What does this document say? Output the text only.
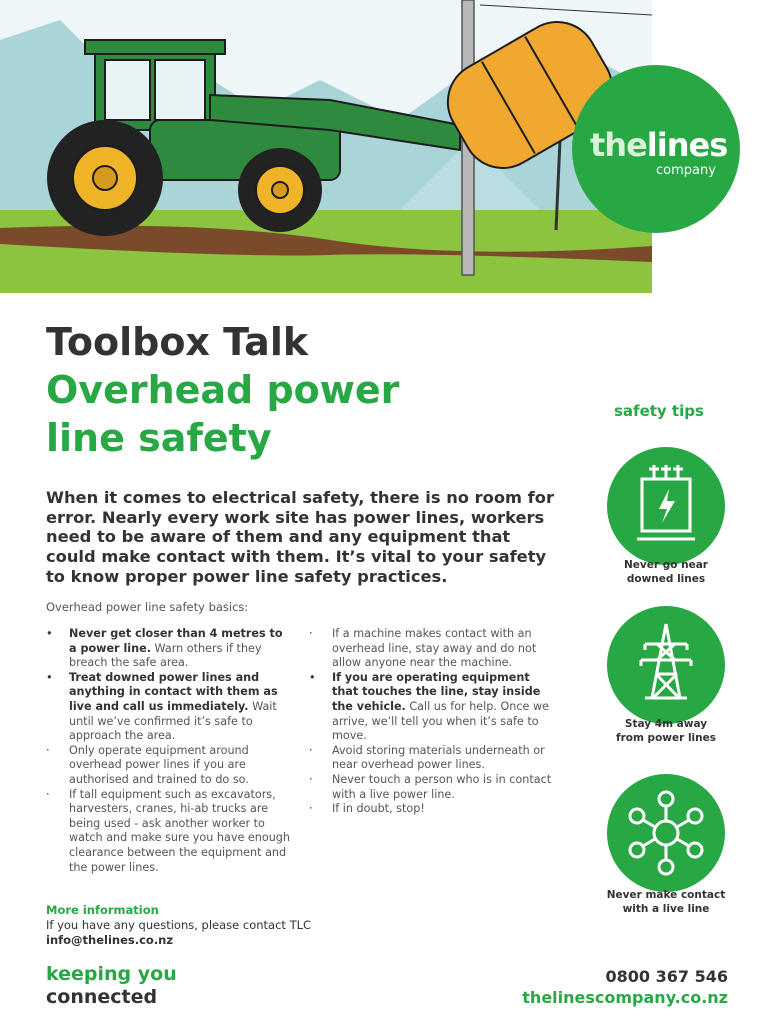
thelines
company
Toolbox Talk
Overhead power line safety

When it comes to electrical safety, there is no room for error. Nearly every work site has power lines, workers need to be aware of them and any equipment that could make contact with them. It’s vital to your safety to know proper power line safety practices.

Overhead power line safety basics:

• Never get closer than 4 metres to a power line. Warn others if they breach the safe area.
• Treat downed power lines and anything in contact with them as live and call us immediately. Wait until we’ve confirmed it’s safe to approach the area.
· Only operate equipment around overhead power lines if you are authorised and trained to do so.
· If tall equipment such as excavators, harvesters, cranes, hi-ab trucks are being used - ask another worker to watch and make sure you have enough clearance between the equipment and the power lines.
· If a machine makes contact with an overhead line, stay away and do not allow anyone near the machine.
• If you are operating equipment that touches the line, stay inside the vehicle. Call us for help. Once we arrive, we’ll tell you when it’s safe to move.
· Avoid storing materials underneath or near overhead power lines.
· Never touch a person who is in contact with a live power line.
· If in doubt, stop!
safety tips
Never go near
downed lines
Stay 4m away
from power lines
Never make contact
with a live line
More information
If you have any questions, please contact TLC
info@thelines.co.nz
keeping you
connected
0800 367 546
thelinescompany.co.nz
